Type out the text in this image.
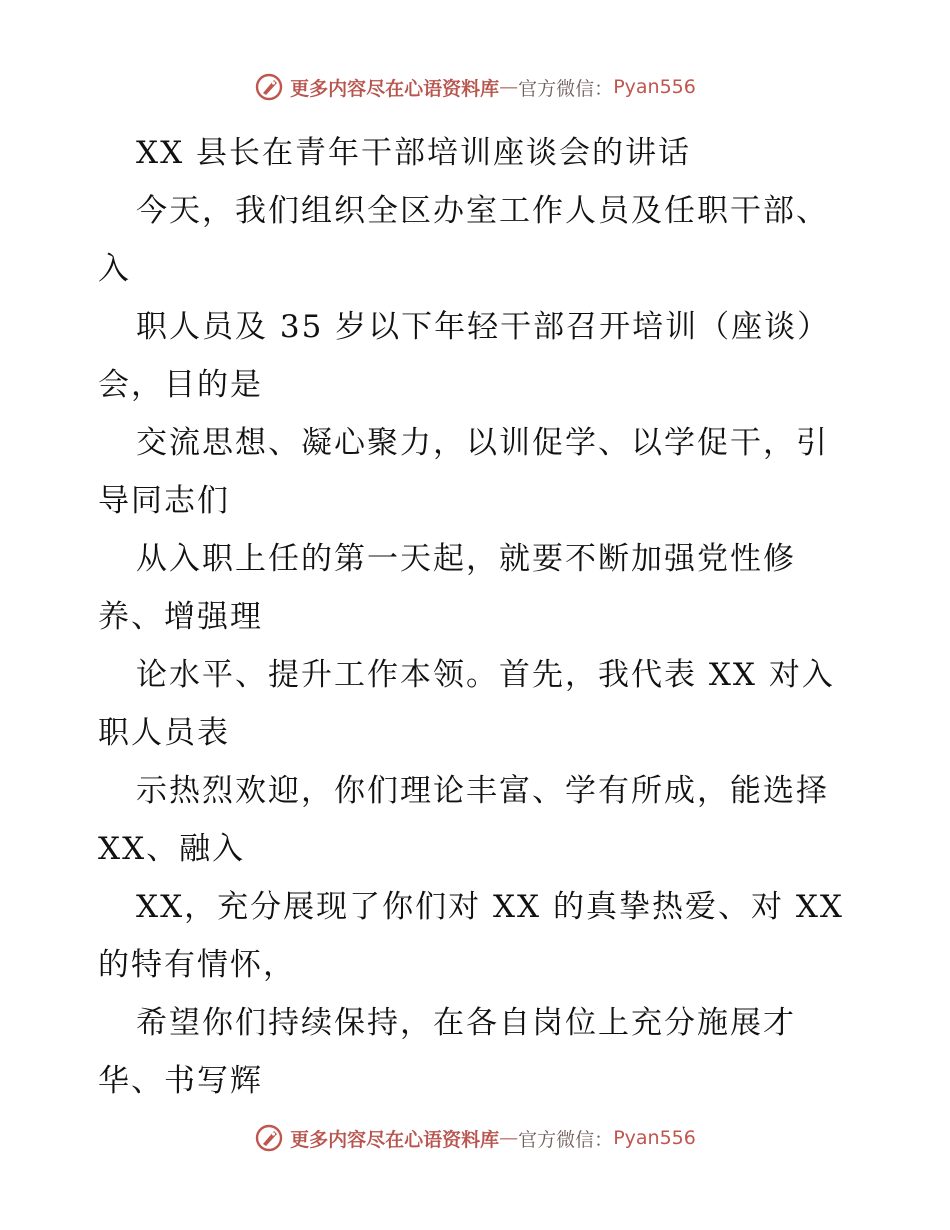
更多内容尽在心语资料库 — 官方微信： Pyan556
XX 县长在青年干部培训座谈会的讲话
今天，我们组织全区办室工作人员及任职干部、
入
职人员及 35 岁以下年轻干部召开培训（座谈）
会，目的是
交流思想、凝心聚力，以训促学、以学促干，引
导同志们
从入职上任的第一天起，就要不断加强党性修
养、增强理
论水平、提升工作本领。首先，我代表 XX 对入
职人员表
示热烈欢迎，你们理论丰富、学有所成，能选择
XX、融入
XX，充分展现了你们对 XX 的真挚热爱、对 XX
的特有情怀，
希望你们持续保持，在各自岗位上充分施展才
华、书写辉
更多内容尽在心语资料库 — 官方微信： Pyan556
